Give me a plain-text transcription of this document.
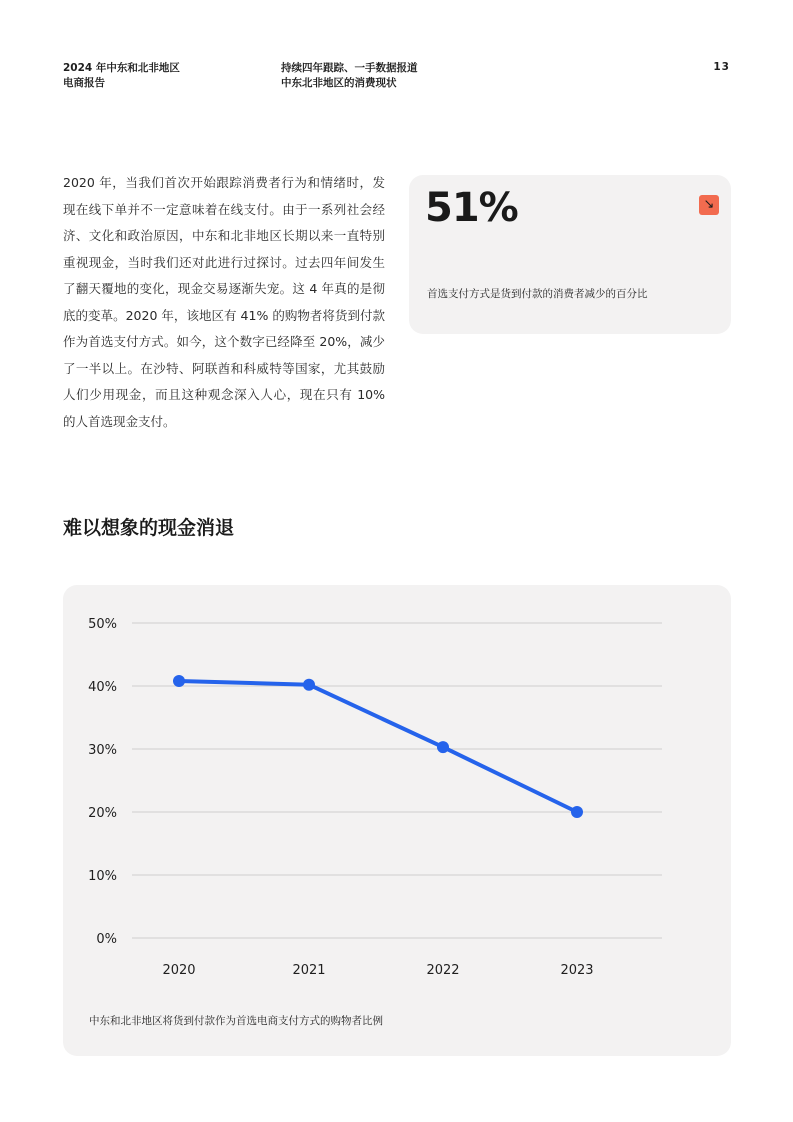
2024 年中东和北非地区
电商报告
持续四年跟踪、一手数据报道
中东北非地区的消费现状
13

2020 年，当我们首次开始跟踪消费者行为和情绪时，发现在线下单并不一定意味着在线支付。由于一系列社会经济、文化和政治原因，中东和北非地区长期以来一直特别重视现金，当时我们还对此进行过探讨。过去四年间发生了翻天覆地的变化，现金交易逐渐失宠。这 4 年真的是彻底的变革。2020 年，该地区有 41% 的购物者将货到付款作为首选支付方式。如今，这个数字已经降至 20%，减少了一半以上。在沙特、阿联酋和科威特等国家，尤其鼓励人们少用现金，而且这种观念深入人心，现在只有 10% 的人首选现金支付。

51%	↘
首选支付方式是货到付款的消费者减少的百分比
难以想象的现金消退
0%
10%
20%
30%
40%
50%
2020	2021	2022	2023
中东和北非地区将货到付款作为首选电商支付方式的购物者比例
